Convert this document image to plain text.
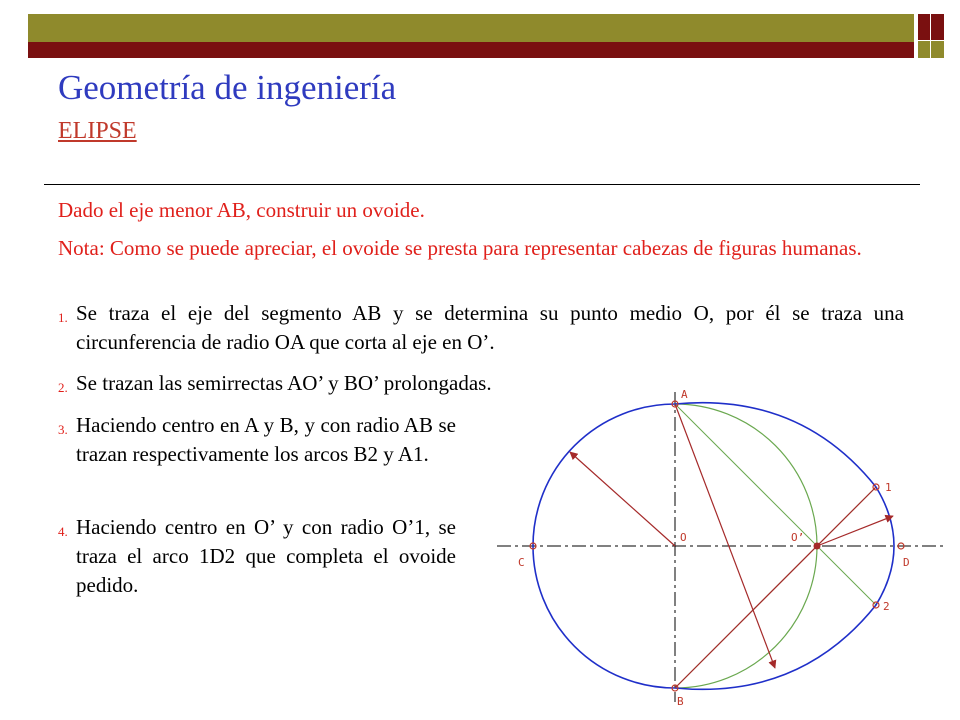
Geometría de ingeniería
ELIPSE
Dado el eje menor AB, construir un ovoide.
Nota: Como se puede apreciar, el ovoide se presta para representar cabezas de figuras humanas.
1. Se traza el eje del segmento AB y se determina su punto medio O, por él se traza una circunferencia de radio OA que corta al eje en O’.
2. Se trazan las semirrectas AO’ y BO’ prolongadas.
3. Haciendo centro en A y B, y con radio AB se trazan respectivamente los arcos B2 y A1.
4. Haciendo centro en O’ y con radio O’1, se traza el arco 1D2 que completa el ovoide pedido.
A
B
C	D
O	O’
1
2
